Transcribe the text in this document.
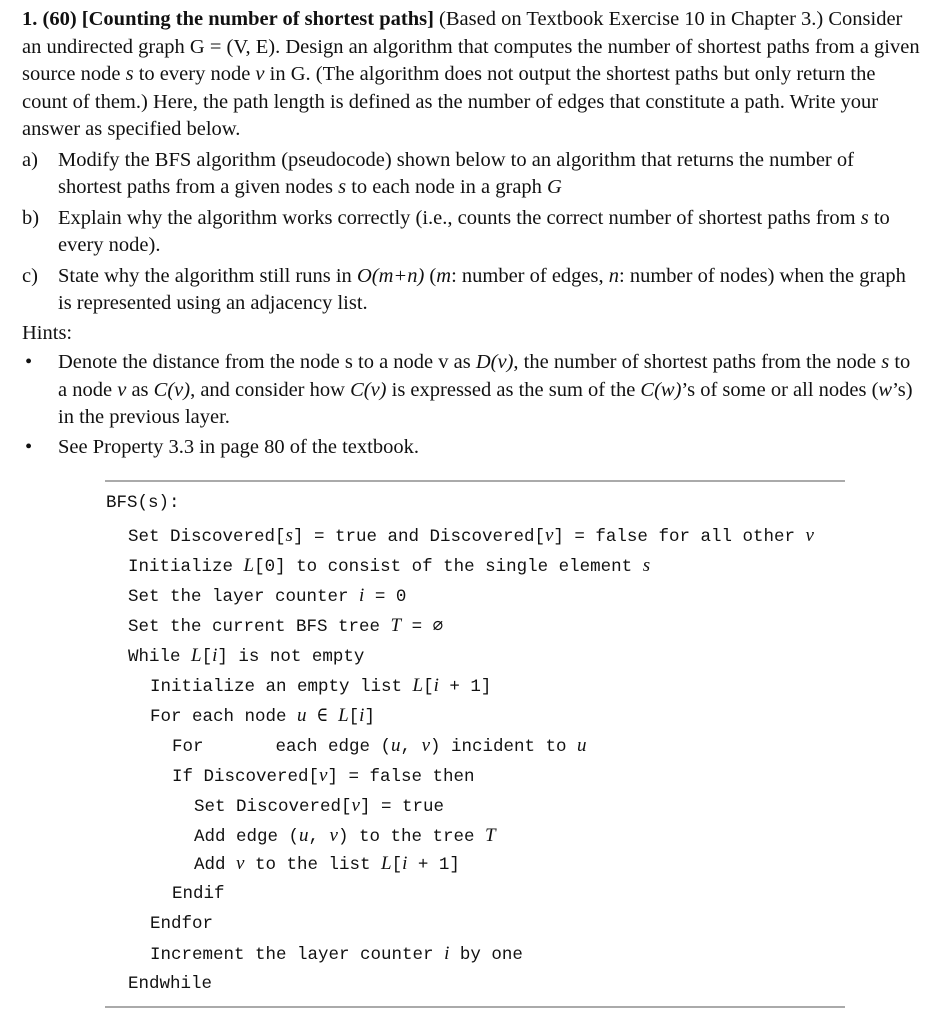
1. (60) [Counting the number of shortest paths] (Based on Textbook Exercise 10 in Chapter 3.) Consider an undirected graph G = (V, E). Design an algorithm that computes the number of shortest paths from a given source node s to every node v in G. (The algorithm does not output the shortest paths but only return the count of them.) Here, the path length is defined as the number of edges that constitute a path. Write your answer as specified below.

a) Modify the BFS algorithm (pseudocode) shown below to an algorithm that returns the number of shortest paths from a given nodes s to each node in a graph G
b) Explain why the algorithm works correctly (i.e., counts the correct number of shortest paths from s to every node).
c) State why the algorithm still runs in O(m+n) (m: number of edges, n: number of nodes) when the graph is represented using an adjacency list.
Hints:
• Denote the distance from the node s to a node v as D(v), the number of shortest paths from the node s to a node v as C(v), and consider how C(v) is expressed as the sum of the C(w)’s of some or all nodes (w’s) in the previous layer.
• See Property 3.3 in page 80 of the textbook.
BFS(s):
Set Discovered[s] = true and Discovered[v] = false for all other v
Initialize L[0] to consist of the single element s
Set the layer counter i = 0
Set the current BFS tree T = ∅
While L[i] is not empty
Initialize an empty list L[i + 1]
For each node u ∈ L[i]
For	each edge (u, v) incident to u
If Discovered[v] = false then
Set Discovered[v] = true
Add edge (u, v) to the tree T
Add v to the list L[i + 1]
Endif
Endfor
Increment the layer counter i by one
Endwhile
